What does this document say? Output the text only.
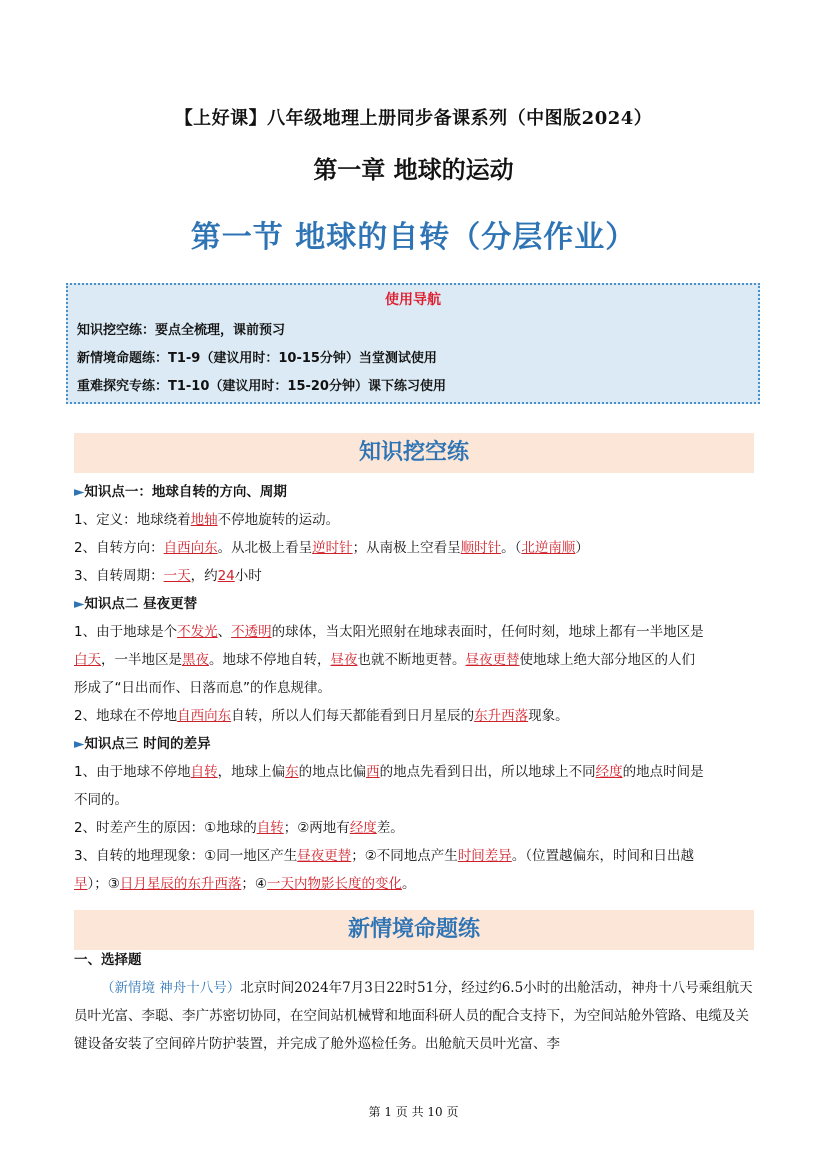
【上好课】八年级地理上册同步备课系列（中图版2024）
第一章 地球的运动
第一节 地球的自转（分层作业）
使用导航
知识挖空练：要点全梳理，课前预习
新情境命题练：T1-9（建议用时：10-15分钟）当堂测试使用
重难探究专练：T1-10（建议用时：15-20分钟）课下练习使用
知识挖空练
►知识点一：地球自转的方向、周期
1、定义：地球绕着地轴不停地旋转的运动。
2、自转方向：自西向东。从北极上看呈逆时针；从南极上空看呈顺时针。（北逆南顺）
3、自转周期：一天，约24小时
►知识点二 昼夜更替
1、由于地球是个不发光、不透明的球体，当太阳光照射在地球表面时，任何时刻，地球上都有一半地区是
白天，一半地区是黑夜。地球不停地自转，昼夜也就不断地更替。昼夜更替使地球上绝大部分地区的人们
形成了“日出而作、日落而息”的作息规律。
2、地球在不停地自西向东自转，所以人们每天都能看到日月星辰的东升西落现象。
►知识点三 时间的差异
1、由于地球不停地自转，地球上偏东的地点比偏西的地点先看到日出，所以地球上不同经度的地点时间是
不同的。
2、时差产生的原因：①地球的自转；②两地有经度差。
3、自转的地理现象：①同一地区产生昼夜更替；②不同地点产生时间差异。（位置越偏东，时间和日出越
早）；③日月星辰的东升西落；④一天内物影长度的变化。
新情境命题练
一、选择题
（新情境 神舟十八号）北京时间2024年7月3日22时51分，经过约6.5小时的出舱活动，神舟十八号乘组航天员叶光富、李聪、李广苏密切协同，在空间站机械臂和地面科研人员的配合支持下，为空间站舱外管路、电缆及关键设备安装了空间碎片防护装置，并完成了舱外巡检任务。出舱航天员叶光富、李
第 1 页 共 10 页
